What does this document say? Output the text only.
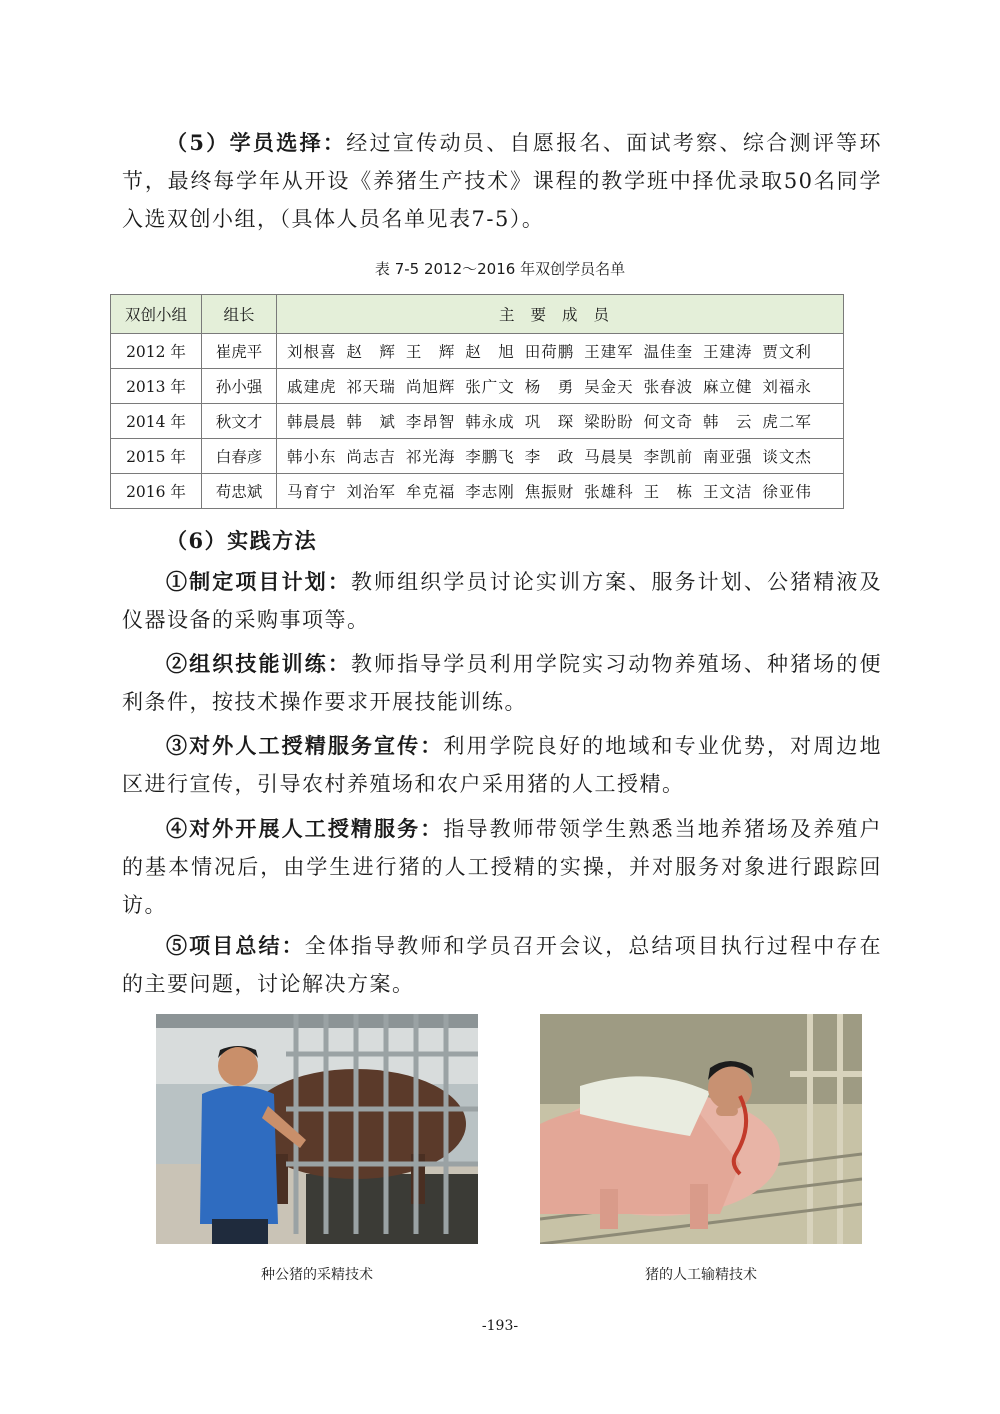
（5）学员选择：经过宣传动员、自愿报名、面试考察、综合测评等环节，最终每学年从开设《养猪生产技术》课程的教学班中择优录取50名同学入选双创小组，（具体人员名单见表7-5）。

表 7-5 2012～2016 年双创学员名单
双创小组	组长	主要成员
2012 年	崔虎平	刘根喜 赵　辉 王　辉 赵　旭 田荷鹏 王建军 温佳奎 王建涛 贾文利
2013 年	孙小强	戚建虎 祁天瑞 尚旭辉 张广文 杨　勇 吴金天 张春波 麻立健 刘福永
2014 年	秋文才	韩晨晨 韩　斌 李昂智 韩永成 巩　琛 梁盼盼 何文奇 韩　云 虎二军
2015 年	白春彦	韩小东 尚志吉 祁光海 李鹏飞 李　政 马晨昊 李凯前 南亚强 谈文杰
2016 年	苟忠斌	马育宁 刘治军 牟克福 李志刚 焦振财 张雄科 王　栋 王文洁 徐亚伟

（6）实践方法

①制定项目计划：教师组织学员讨论实训方案、服务计划、公猪精液及仪器设备的采购事项等。

②组织技能训练：教师指导学员利用学院实习动物养殖场、种猪场的便利条件，按技术操作要求开展技能训练。

③对外人工授精服务宣传：利用学院良好的地域和专业优势，对周边地区进行宣传，引导农村养殖场和农户采用猪的人工授精。

④对外开展人工授精服务：指导教师带领学生熟悉当地养猪场及养殖户的基本情况后，由学生进行猪的人工授精的实操，并对服务对象进行跟踪回访。

⑤项目总结：全体指导教师和学员召开会议，总结项目执行过程中存在的主要问题，讨论解决方案。

种公猪的采精技术	猪的人工输精技术
-193-
